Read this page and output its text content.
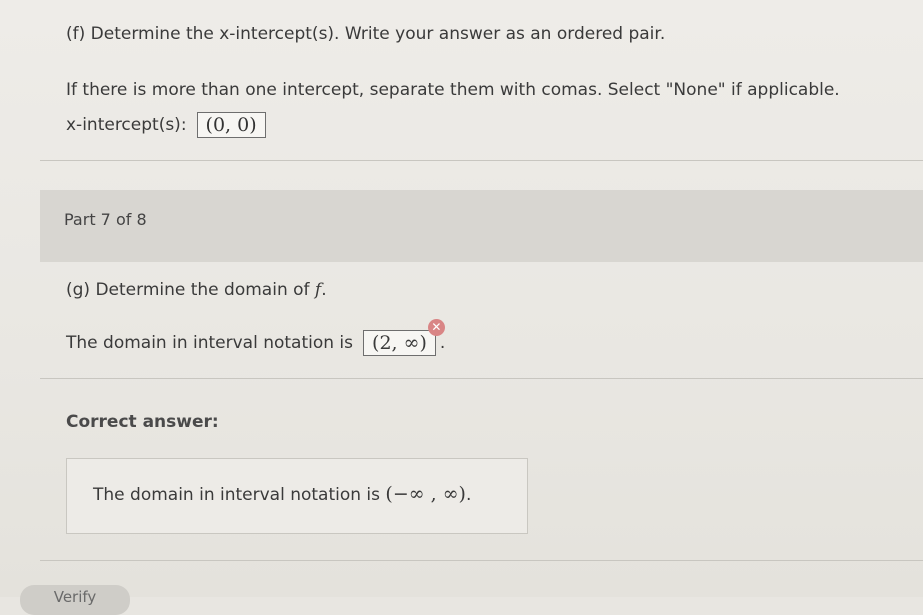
(f) Determine the x-intercept(s). Write your answer as an ordered pair.
If there is more than one intercept, separate them with comas. Select "None" if applicable.
x-intercept(s):	(0, 0)
Part 7 of 8
(g) Determine the domain of f.
The domain in interval notation is	(2, ∞)
✕
.
Correct answer:
The domain in interval notation is (−∞ , ∞).
Verify
